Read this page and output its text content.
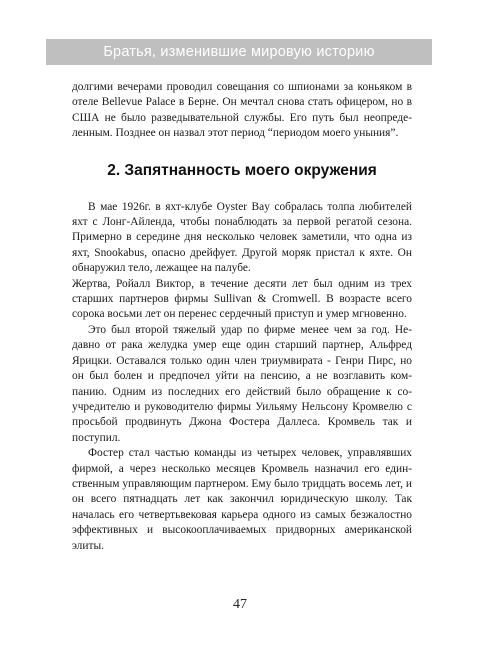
Братья, изменившие мировую историю

долгими вечерами проводил совещания со шпионами за коньяком в отеле Bellevue Palace в Берне. Он мечтал снова стать офицером, но в США не было разведывательной службы. Его путь был неопределенным. Позднее он назвал этот период “периодом моего уныния”.

2. Запятнанность моего окружения

В мае 1926г. в яхт-клубе Oyster Bay собралась толпа любителей яхт с Лонг-Айленда, чтобы понаблюдать за первой регатой сезона. Примерно в середине дня несколько человек заметили, что одна из яхт, Snookabus, опасно дрейфует. Другой моряк пристал к яхте. Он обнаружил тело, лежащее на палубе.

Жертва, Ройалл Виктор, в течение десяти лет был одним из трех старших партнеров фирмы Sullivan & Cromwell. В возрасте всего сорока восьми лет он перенес сердечный приступ и умер мгновенно.

Это был второй тяжелый удар по фирме менее чем за год. Недавно от рака желудка умер еще один старший партнер, Альфред Ярицки. Оставался только один член триумвирата - Генри Пирс, но он был болен и предпочел уйти на пенсию, а не возглавить компанию. Одним из последних его действий было обращение к соучредителю и руководителю фирмы Уильяму Нельсону Кромвелю с просьбой продвинуть Джона Фостера Даллеса. Кромвель так и поступил.

Фостер стал частью команды из четырех человек, управлявших фирмой, а через несколько месяцев Кромвель назначил его единственным управляющим партнером. Ему было тридцать восемь лет, и он всего пятнадцать лет как закончил юридическую школу. Так началась его четвертьвековая карьера одного из самых безжалостно эффективных и высокооплачиваемых придворных американской элиты.

47
